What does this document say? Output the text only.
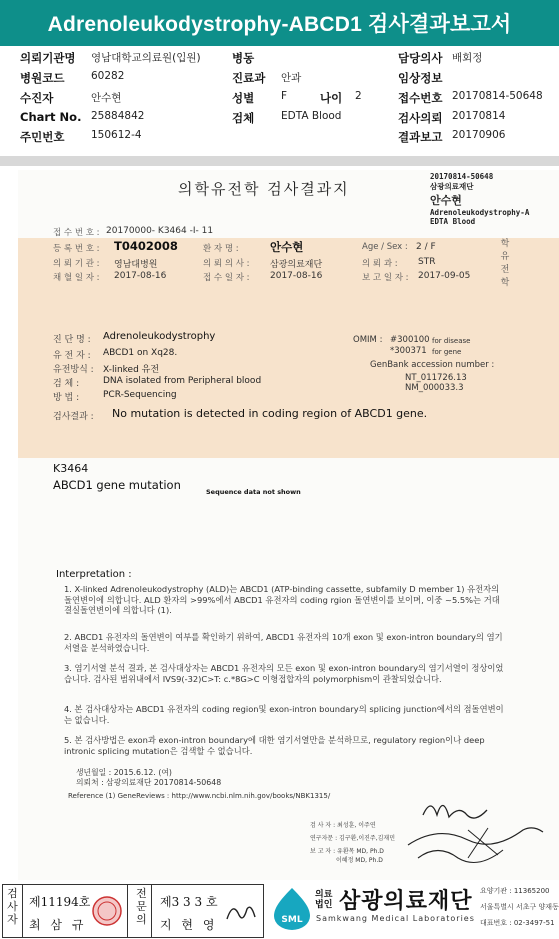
Adrenoleukodystrophy-ABCD1 검사결과보고서
의뢰기관명 영남대학교의료원(입원)	병동	담당의사 배회정
병원코드	60282	진료과 안과	임상정보
수진자	안수현	성별	F	나이 2	접수번호 20170814-50648
Chart No. 25884842	검체	EDTA Blood	검사의뢰 20170814
주민번호	150612-4	결과보고 20170906
의학유전학 검사결과지
20170814-50648
삼광의료재단
안수현
Adrenoleukodystrophy-A
EDTA Blood
접 수 번 호 : 20170000- K3464 -I- 11
등 록 번 호 : T0402008	환 자 명 :	안수현	Age / Sex : 2 / F
의 뢰 기 관 : 영남대병원	의 뢰 의 사 : 삼광의료재단	의 뢰 과 : STR
채 혈 일 자 : 2017-08-16	접 수 일 자 : 2017-08-16	보 고 일 자 : 2017-09-05
학 유 전 학
K3464
ABCD1 gene mutation
진 단 명 : Adrenoleukodystrophy
유 전 자 : ABCD1 on Xq28.
유전방식 : X-linked 유전
검 체 :	DNA isolated from Peripheral blood
방 법 :	PCR-Sequencing
OMIM : #300100 for disease
*300371 for gene
GenBank accession number :
NT_011726.13
NM_000033.3
검사결과 : No mutation is detected in coding region of ABCD1 gene.
Sequence data not shown
Interpretation :
1. X-linked Adrenoleukodystrophy (ALD)는 ABCD1 (ATP-binding cassette, subfamily D member 1) 유전자의 돌연변이에 의합니다. ALD 환자의 >99%에서 ABCD1 유전자의 coding rgion 돌연변이를 보이며, 이중 ~5.5%는 거대결실돌연변이에 의합니다 (1).
2. ABCD1 유전자의 돌연변이 여부를 확인하기 위하여, ABCD1 유전자의 10개 exon 및 exon-intron boundary의 염기서열을 분석하였습니다.
3. 염기서열 분석 결과, 본 검사대상자는 ABCD1 유전자의 모든 exon 및 exon-intron boundary의 염기서열이 정상이었습니다. 검사된 범위내에서 IVS9(-32)C>T: c.*8G>C 이형접합자의 polymorphism이 관찰되었습니다.
4. 본 검사대상자는 ABCD1 유전자의 coding region및 exon-intron boundary의 splicing junction에서의 점돌연변이는 없습니다.
5. 본 검사방법은 exon과 exon-intron boundary에 대한 염기서열만을 분석하므로, regulatory region이나 deep intronic splicing mutation은 검색할 수 없습니다.
생년월일 : 2015.6.12. (여)
의뢰처 : 삼광의료재단 20170814-50648
Reference (1) GeneReviews : http://www.ncbi.nlm.nih.gov/books/NBK1315/
검 사 자 : 최성훈, 이주연
연구자문 : 김구환,이진주,김재민
보 고 자 : 유환목 MD, Ph.D
이혜정 MD, Ph.D
검사자
제11194호
최 삼 규
전문의
제3 3 3 호
지 현 영	SML
의료 법인 삼광의료재단
Samkwang Medical Laboratories
요양기관 : 11365200
서울특별시 서초구 양재동
대표번호 : 02-3497-51
